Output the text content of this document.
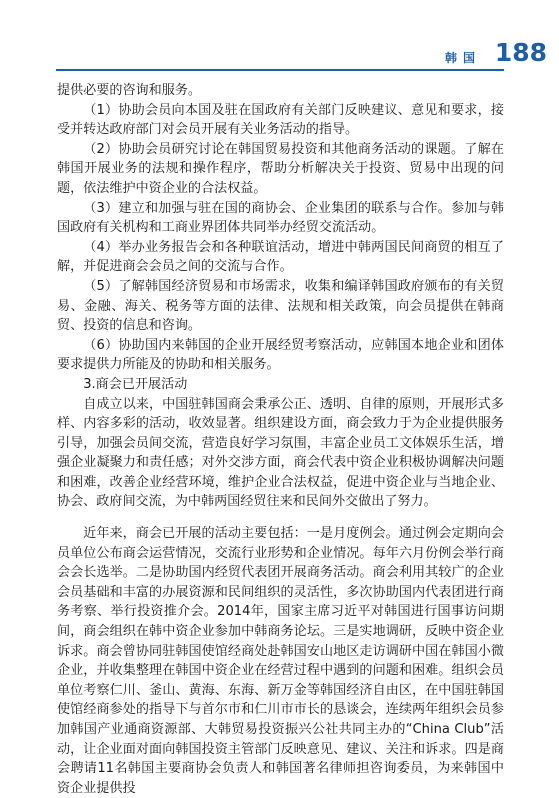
韩国 188

提供必要的咨询和服务。

（1）协助会员向本国及驻在国政府有关部门反映建议、意见和要求，接受并转达政府部门对会员开展有关业务活动的指导。

（2）协助会员研究讨论在韩国贸易投资和其他商务活动的课题。了解在韩国开展业务的法规和操作程序，帮助分析解决关于投资、贸易中出现的问题，依法维护中资企业的合法权益。

（3）建立和加强与驻在国的商协会、企业集团的联系与合作。参加与韩国政府有关机构和工商业界团体共同举办经贸交流活动。

（4）举办业务报告会和各种联谊活动，增进中韩两国民间商贸的相互了解，并促进商会会员之间的交流与合作。

（5）了解韩国经济贸易和市场需求，收集和编译韩国政府颁布的有关贸易、金融、海关、税务等方面的法律、法规和相关政策，向会员提供在韩商贸、投资的信息和咨询。

（6）协助国内来韩国的企业开展经贸考察活动，应韩国本地企业和团体要求提供力所能及的协助和相关服务。

3.商会已开展活动

自成立以来，中国驻韩国商会秉承公正、透明、自律的原则，开展形式多样、内容多彩的活动，收效显著。组织建设方面，商会致力于为企业提供服务引导，加强会员间交流，营造良好学习氛围，丰富企业员工文体娱乐生活，增强企业凝聚力和责任感；对外交涉方面，商会代表中资企业积极协调解决问题和困难，改善企业经营环境，维护企业合法权益，促进中资企业与当地企业、协会、政府间交流，为中韩两国经贸往来和民间外交做出了努力。

近年来，商会已开展的活动主要包括：一是月度例会。通过例会定期向会员单位公布商会运营情况，交流行业形势和企业情况。每年六月份例会举行商会会长选举。二是协助国内经贸代表团开展商务活动。商会利用其较广的企业会员基础和丰富的办展资源和民间组织的灵活性，多次协助国内代表团进行商务考察、举行投资推介会。2014年，国家主席习近平对韩国进行国事访问期间，商会组织在韩中资企业参加中韩商务论坛。三是实地调研，反映中资企业诉求。商会曾协同驻韩国使馆经商处赴韩国安山地区走访调研中国在韩国小微企业，并收集整理在韩国中资企业在经营过程中遇到的问题和困难。组织会员单位考察仁川、釜山、黄海、东海、新万金等韩国经济自由区，在中国驻韩国使馆经商参处的指导下与首尔市和仁川市市长的恳谈会，连续两年组织会员参加韩国产业通商资源部、大韩贸易投资振兴公社共同主办的“China Club”活动，让企业面对面向韩国投资主管部门反映意见、建议、关注和诉求。四是商会聘请11名韩国主要商协会负责人和韩国著名律师担咨询委员，为来韩国中资企业提供投
